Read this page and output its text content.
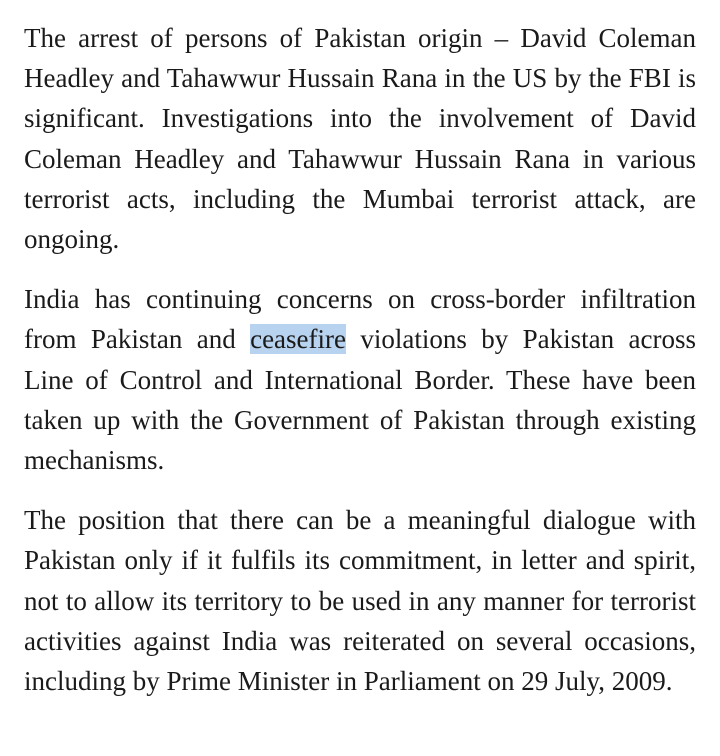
The arrest of persons of Pakistan origin – David Coleman Headley and Tahawwur Hussain Rana in the US by the FBI is significant. Investigations into the involvement of David Coleman Headley and Tahawwur Hussain Rana in various terrorist acts, including the Mumbai terrorist attack, are ongoing.

India has continuing concerns on cross-border infiltration from Pakistan and ceasefire violations by Pakistan across Line of Control and International Border. These have been taken up with the Government of Pakistan through existing mechanisms.

The position that there can be a meaningful dialogue with Pakistan only if it fulfils its commitment, in letter and spirit, not to allow its territory to be used in any manner for terrorist activities against India was reiterated on several occasions, including by Prime Minister in Parliament on 29 July, 2009.
